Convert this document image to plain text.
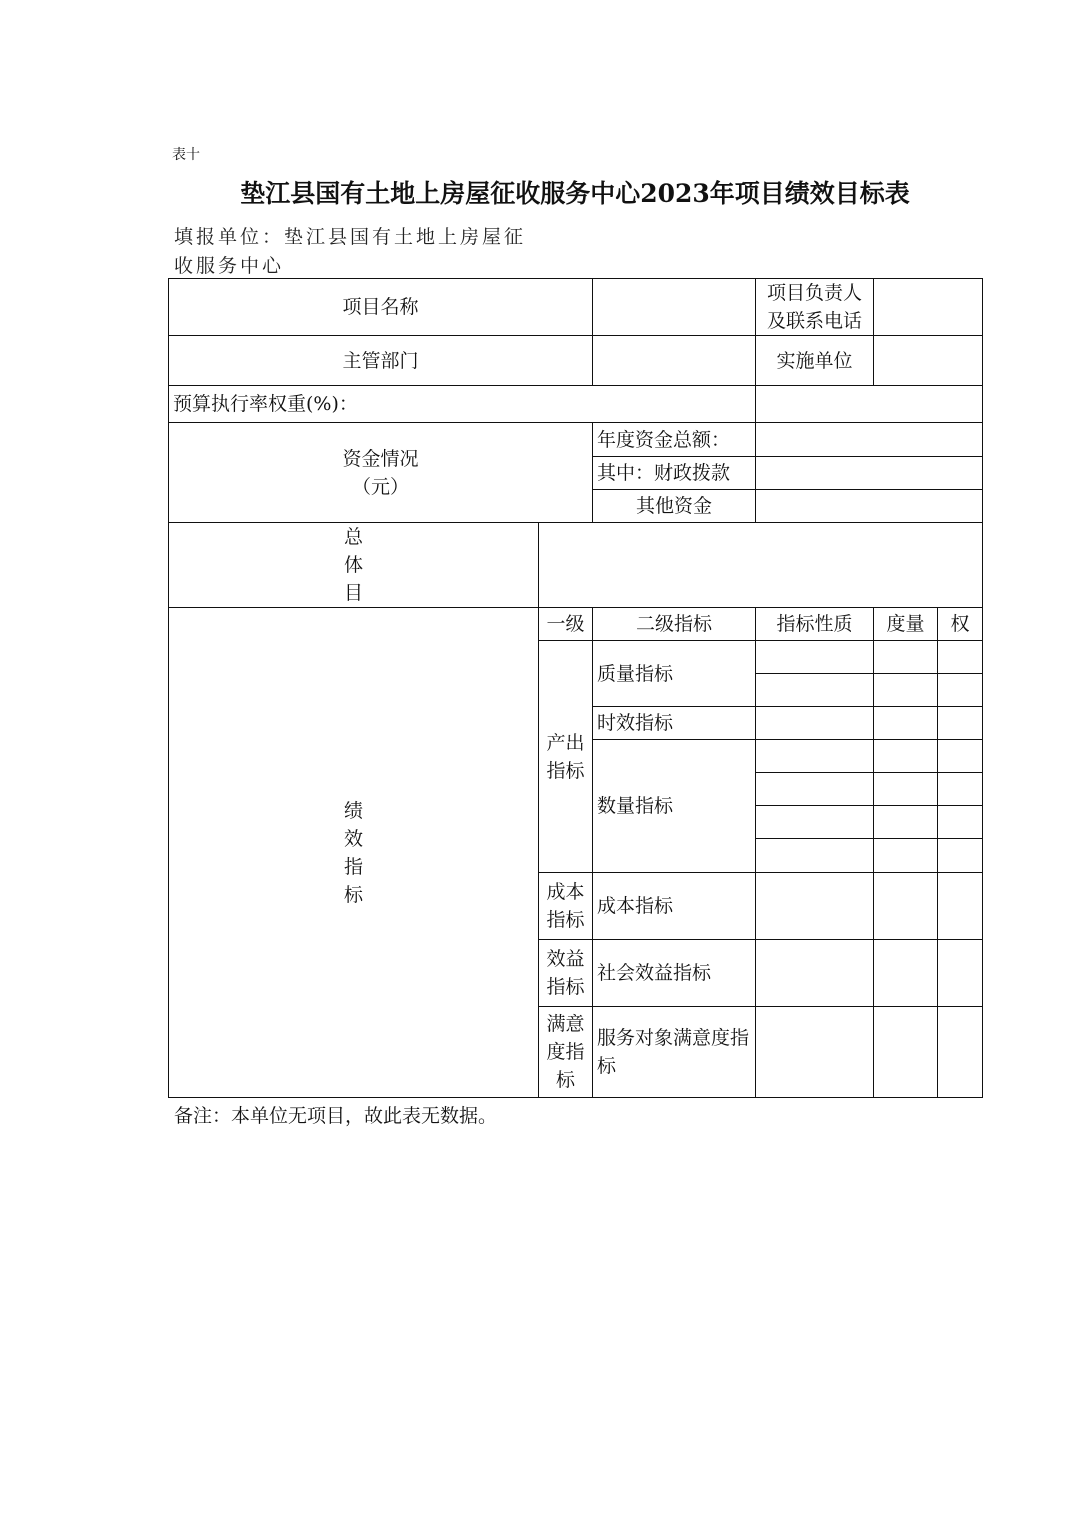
表十
垫江县国有土地上房屋征收服务中心2023年项目绩效目标表
填报单位：垫江县国有土地上房屋征
收服务中心
项目名称			项目负责人
及联系电话		

主管部门			实施单位		
预算执行率权重(%)：					

资金情况
（元）		年度资金总额：			
		其中：财政拨款			
		其他资金			

总
体
目					

绩
效
指
标	一级	二级指标	指标性质	度量	权
	产出指标	质量指标			

		时效指标			
		数量指标			

	成本指标	成本指标			
	效益指标	社会效益指标			
	满意度指标	服务对象满意度指标			
备注：本单位无项目，故此表无数据。
